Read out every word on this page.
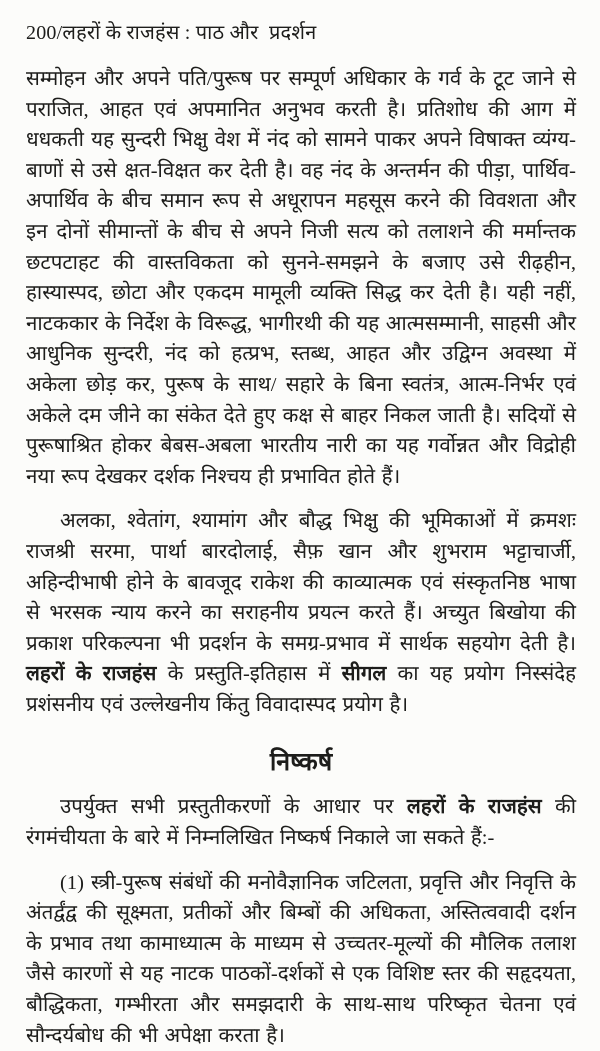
200/लहरों के राजहंस : पाठ और  प्रदर्शन

सम्मोहन और अपने पति/पुरूष पर सम्पूर्ण अधिकार के गर्व के टूट जाने से पराजित, आहत एवं अपमानित अनुभव करती है। प्रतिशोध की आग में धधकती यह सुन्दरी भिक्षु वेश में नंद को सामने पाकर अपने विषाक्त व्यंग्य-बाणों से उसे क्षत-विक्षत कर देती है। वह नंद के अन्तर्मन की पीड़ा, पार्थिव-अपार्थिव के बीच समान रूप से अधूरापन महसूस करने की विवशता और इन दोनों सीमान्तों के बीच से अपने निजी सत्य को तलाशने की मर्मान्तक छटपटाहट की वास्तविकता को सुनने-समझने के बजाए उसे रीढ़हीन, हास्यास्पद, छोटा और एकदम मामूली व्यक्ति सिद्ध कर देती है। यही नहीं, नाटककार के निर्देश के विरूद्ध, भागीरथी की यह आत्मसम्मानी, साहसी और आधुनिक सुन्दरी, नंद को हत्प्रभ, स्तब्ध, आहत और उद्विग्न अवस्था में अकेला छोड़ कर, पुरूष के साथ/ सहारे के बिना स्वतंत्र, आत्म-निर्भर एवं अकेले दम जीने का संकेत देते हुए कक्ष से बाहर निकल जाती है। सदियों से पुरूषाश्रित होकर बेबस-अबला भारतीय नारी का यह गर्वोन्नत और विद्रोही नया रूप देखकर दर्शक निश्चय ही प्रभावित होते हैं।

अलका, श्वेतांग, श्यामांग और बौद्ध भिक्षु की भूमिकाओं में क्रमशः राजश्री सरमा, पार्था बारदोलाई, सैफ़ खान और शुभराम भट्टाचार्जी, अहिन्दीभाषी होने के बावजूद राकेश की काव्यात्मक एवं संस्कृतनिष्ठ भाषा से भरसक न्याय करने का सराहनीय प्रयत्न करते हैं। अच्युत बिखोया की प्रकाश परिकल्पना भी प्रदर्शन के समग्र-प्रभाव में सार्थक सहयोग देती है। लहरों के राजहंस के प्रस्तुति-इतिहास में सीगल का यह प्रयोग निस्संदेह प्रशंसनीय एवं उल्लेखनीय किंतु विवादास्पद प्रयोग है।

निष्कर्ष

उपर्युक्त सभी प्रस्तुतीकरणों के आधार पर लहरों के राजहंस की रंगमंचीयता के बारे में निम्नलिखित निष्कर्ष निकाले जा सकते हैं:-

(1) स्त्री-पुरूष संबंधों की मनोवैज्ञानिक जटिलता, प्रवृत्ति और निवृत्ति के अंतर्द्वंद्व की सूक्ष्मता, प्रतीकों और बिम्बों की अधिकता, अस्तित्ववादी दर्शन के प्रभाव तथा कामाध्यात्म के माध्यम से उच्चतर-मूल्यों की मौलिक तलाश जैसे कारणों से यह नाटक पाठकों-दर्शकों से एक विशिष्ट स्तर की सहृदयता, बौद्धिकता, गम्भीरता और समझदारी के साथ-साथ परिष्कृत चेतना एवं सौन्दर्यबोध की भी अपेक्षा करता है।
